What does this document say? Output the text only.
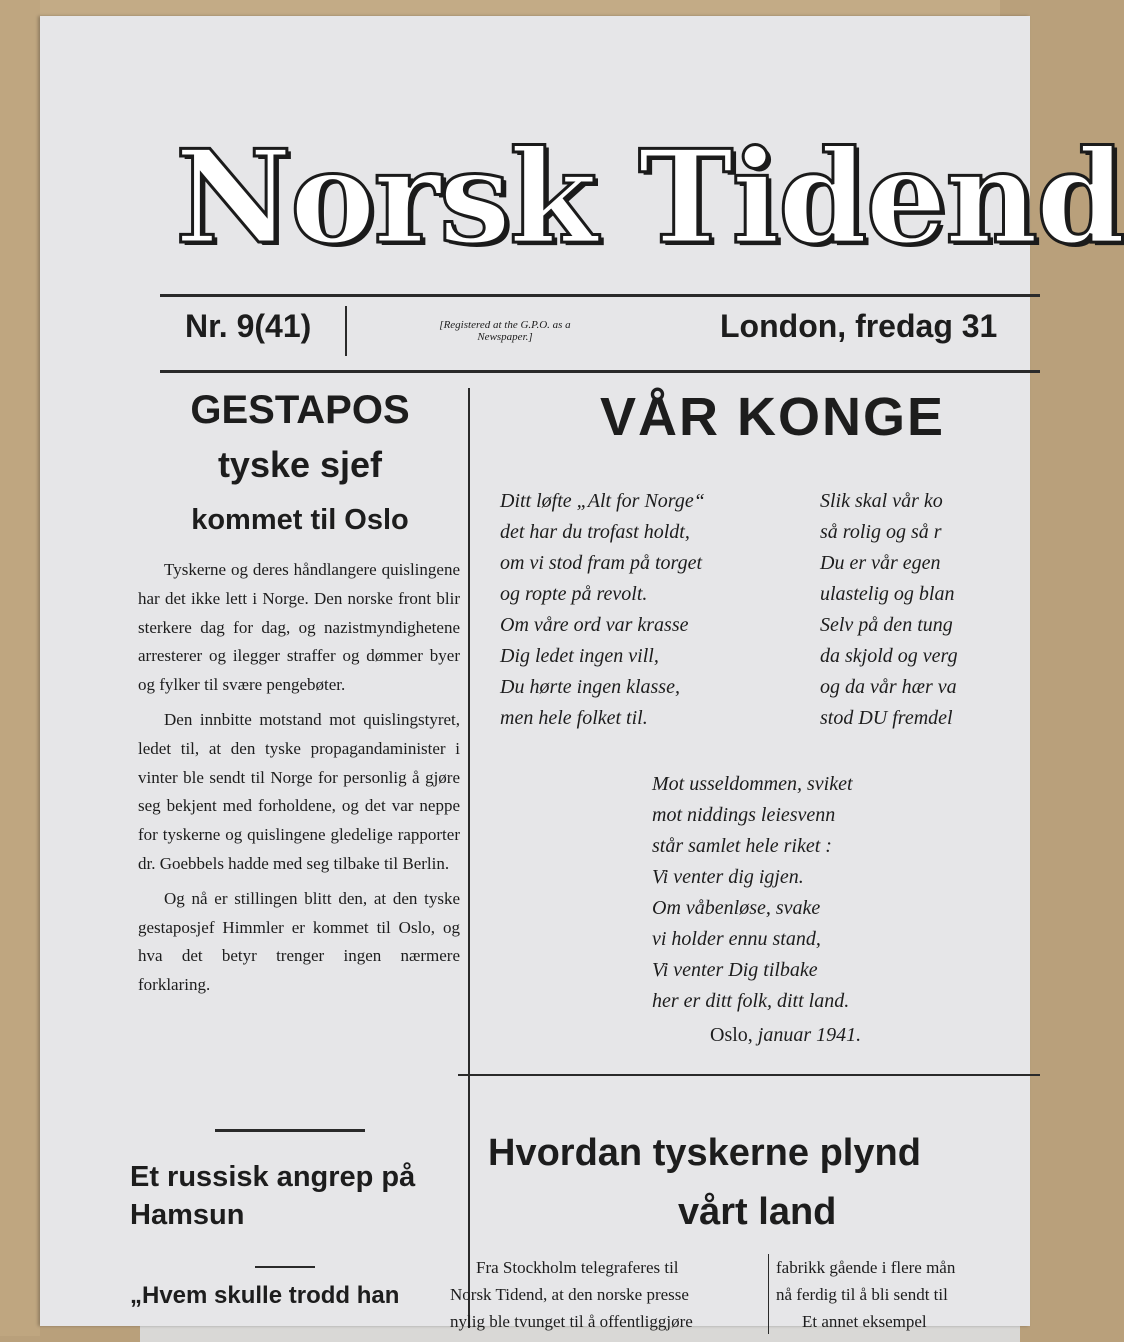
Norsk Tidend
Nr. 9(41)	[Registered at the G.P.O. as a Newspaper.]	London, fredag 31
GESTAPOS
tyske sjef
kommet til Oslo

Tyskerne og deres håndlangere quislingene har det ikke lett i Norge. Den norske front blir sterkere dag for dag, og nazistmyndighetene arresterer og ilegger straffer og dømmer byer og fylker til svære pengebøter.

Den innbitte motstand mot quislingstyret, ledet til, at den tyske propagandaminister i vinter ble sendt til Norge for personlig å gjøre seg bekjent med forholdene, og det var neppe for tyskerne og quislingene gledelige rapporter dr. Goebbels hadde med seg tilbake til Berlin.

Og nå er stillingen blitt den, at den tyske gestaposjef Himmler er kommet til Oslo, og hva det betyr trenger ingen nærmere forklaring.

Et russisk angrep på Hamsun
„Hvem skulle trodd han
VÅR KONGE
Ditt løfte „Alt for Norge“
det har du trofast holdt,
om vi stod fram på torget
og ropte på revolt.
Om våre ord var krasse
Dig ledet ingen vill,
Du hørte ingen klasse,
men hele folket til.
Slik skal vår ko
så rolig og så r
Du er vår egen
ulastelig og blan
Selv på den tung
da skjold og verg
og da vår hær va
stod DU fremdel
Mot usseldommen, sviket
mot niddings leiesvenn
står samlet hele riket :
Vi venter dig igjen.
Om våbenløse, svake
vi holder ennu stand,
Vi venter Dig tilbake
her er ditt folk, ditt land.
Oslo, januar 1941.
Hvordan tyskerne plynd
vårt land
Fra Stockholm telegraferes til
Norsk Tidend, at den norske presse
nylig ble tvunget til å offentliggjøre
fabrikk gående i flere mån
nå ferdig til å bli sendt til
Et annet eksempel
